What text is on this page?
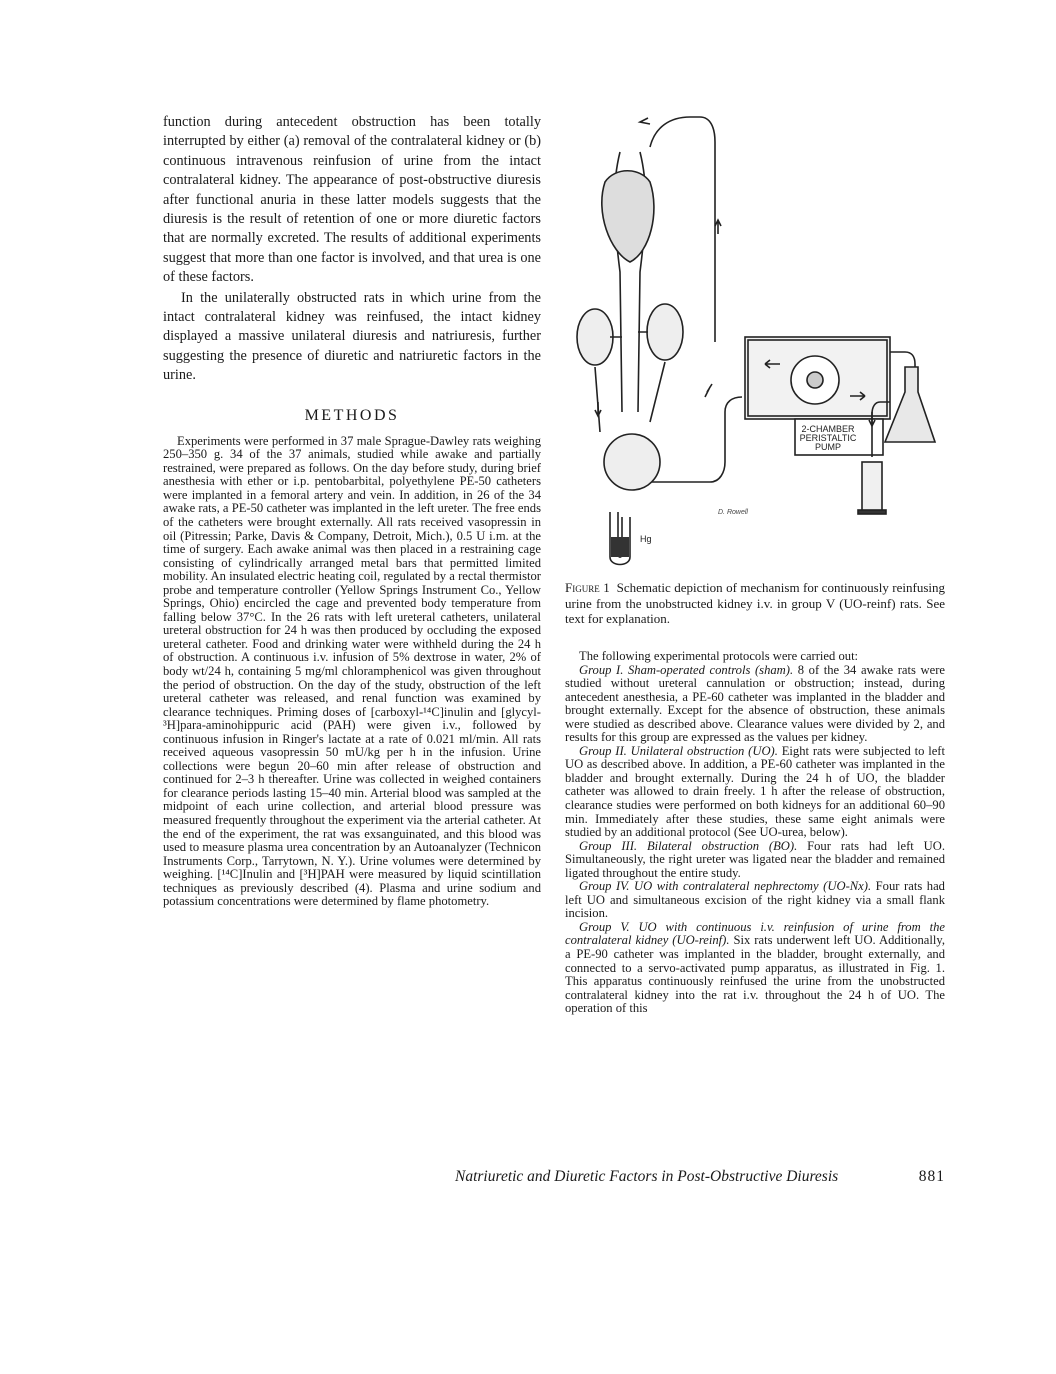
function during antecedent obstruction has been totally interrupted by either (a) removal of the contralateral kidney or (b) continuous intravenous reinfusion of urine from the intact contralateral kidney. The appearance of post-obstructive diuresis after functional anuria in these latter models suggests that the diuresis is the result of retention of one or more diuretic factors that are normally excreted. The results of additional experiments suggest that more than one factor is involved, and that urea is one of these factors.

In the unilaterally obstructed rats in which urine from the intact contralateral kidney was reinfused, the intact kidney displayed a massive unilateral diuresis and natriuresis, further suggesting the presence of diuretic and natriuretic factors in the urine.

METHODS

Experiments were performed in 37 male Sprague-Dawley rats weighing 250–350 g. 34 of the 37 animals, studied while awake and partially restrained, were prepared as follows. On the day before study, during brief anesthesia with ether or i.p. pentobarbital, polyethylene PE-50 catheters were implanted in a femoral artery and vein. In addition, in 26 of the 34 awake rats, a PE-50 catheter was implanted in the left ureter. The free ends of the catheters were brought externally. All rats received vasopressin in oil (Pitressin; Parke, Davis & Company, Detroit, Mich.), 0.5 U i.m. at the time of surgery. Each awake animal was then placed in a restraining cage consisting of cylindrically arranged metal bars that permitted limited mobility. An insulated electric heating coil, regulated by a rectal thermistor probe and temperature controller (Yellow Springs Instrument Co., Yellow Springs, Ohio) encircled the cage and prevented body temperature from falling below 37°C. In the 26 rats with left ureteral catheters, unilateral ureteral obstruction for 24 h was then produced by occluding the exposed ureteral catheter. Food and drinking water were withheld during the 24 h of obstruction. A continuous i.v. infusion of 5% dextrose in water, 2% of body wt/24 h, containing 5 mg/ml chloramphenicol was given throughout the period of obstruction. On the day of the study, obstruction of the left ureteral catheter was released, and renal function was examined by clearance techniques. Priming doses of [carboxyl-¹⁴C]inulin and [glycyl-³H]para-aminohippuric acid (PAH) were given i.v., followed by continuous infusion in Ringer's lactate at a rate of 0.021 ml/min. All rats received aqueous vasopressin 50 mU/kg per h in the infusion. Urine collections were begun 20–60 min after release of obstruction and continued for 2–3 h thereafter. Urine was collected in weighed containers for clearance periods lasting 15–40 min. Arterial blood was sampled at the midpoint of each urine collection, and arterial blood pressure was measured frequently throughout the experiment via the arterial catheter. At the end of the experiment, the rat was exsanguinated, and this blood was used to measure plasma urea concentration by an Autoanalyzer (Technicon Instruments Corp., Tarrytown, N. Y.). Urine volumes were determined by weighing. [¹⁴C]Inulin and [³H]PAH were measured by liquid scintillation techniques as previously described (4). Plasma and urine sodium and potassium concentrations were determined by flame photometry.

2-CHAMBER
PERISTALTIC
PUMP
Hg
D. Rowell
Figure 1 Schematic depiction of mechanism for continuously reinfusing urine from the unobstructed kidney i.v. in group V (UO-reinf) rats. See text for explanation.

The following experimental protocols were carried out:

Group I. Sham-operated controls (sham). 8 of the 34 awake rats were studied without ureteral cannulation or obstruction; instead, during antecedent anesthesia, a PE-60 catheter was implanted in the bladder and brought externally. Except for the absence of obstruction, these animals were studied as described above. Clearance values were divided by 2, and results for this group are expressed as the values per kidney.

Group II. Unilateral obstruction (UO). Eight rats were subjected to left UO as described above. In addition, a PE-60 catheter was implanted in the bladder and brought externally. During the 24 h of UO, the bladder catheter was allowed to drain freely. 1 h after the release of obstruction, clearance studies were performed on both kidneys for an additional 60–90 min. Immediately after these studies, these same eight animals were studied by an additional protocol (See UO-urea, below).

Group III. Bilateral obstruction (BO). Four rats had left UO. Simultaneously, the right ureter was ligated near the bladder and remained ligated throughout the entire study.

Group IV. UO with contralateral nephrectomy (UO-Nx). Four rats had left UO and simultaneous excision of the right kidney via a small flank incision.

Group V. UO with continuous i.v. reinfusion of urine from the contralateral kidney (UO-reinf). Six rats underwent left UO. Additionally, a PE-90 catheter was implanted in the bladder, brought externally, and connected to a servo-activated pump apparatus, as illustrated in Fig. 1. This apparatus continuously reinfused the urine from the unobstructed contralateral kidney into the rat i.v. throughout the 24 h of UO. The operation of this

Natriuretic and Diuretic Factors in Post-Obstructive Diuresis	881
